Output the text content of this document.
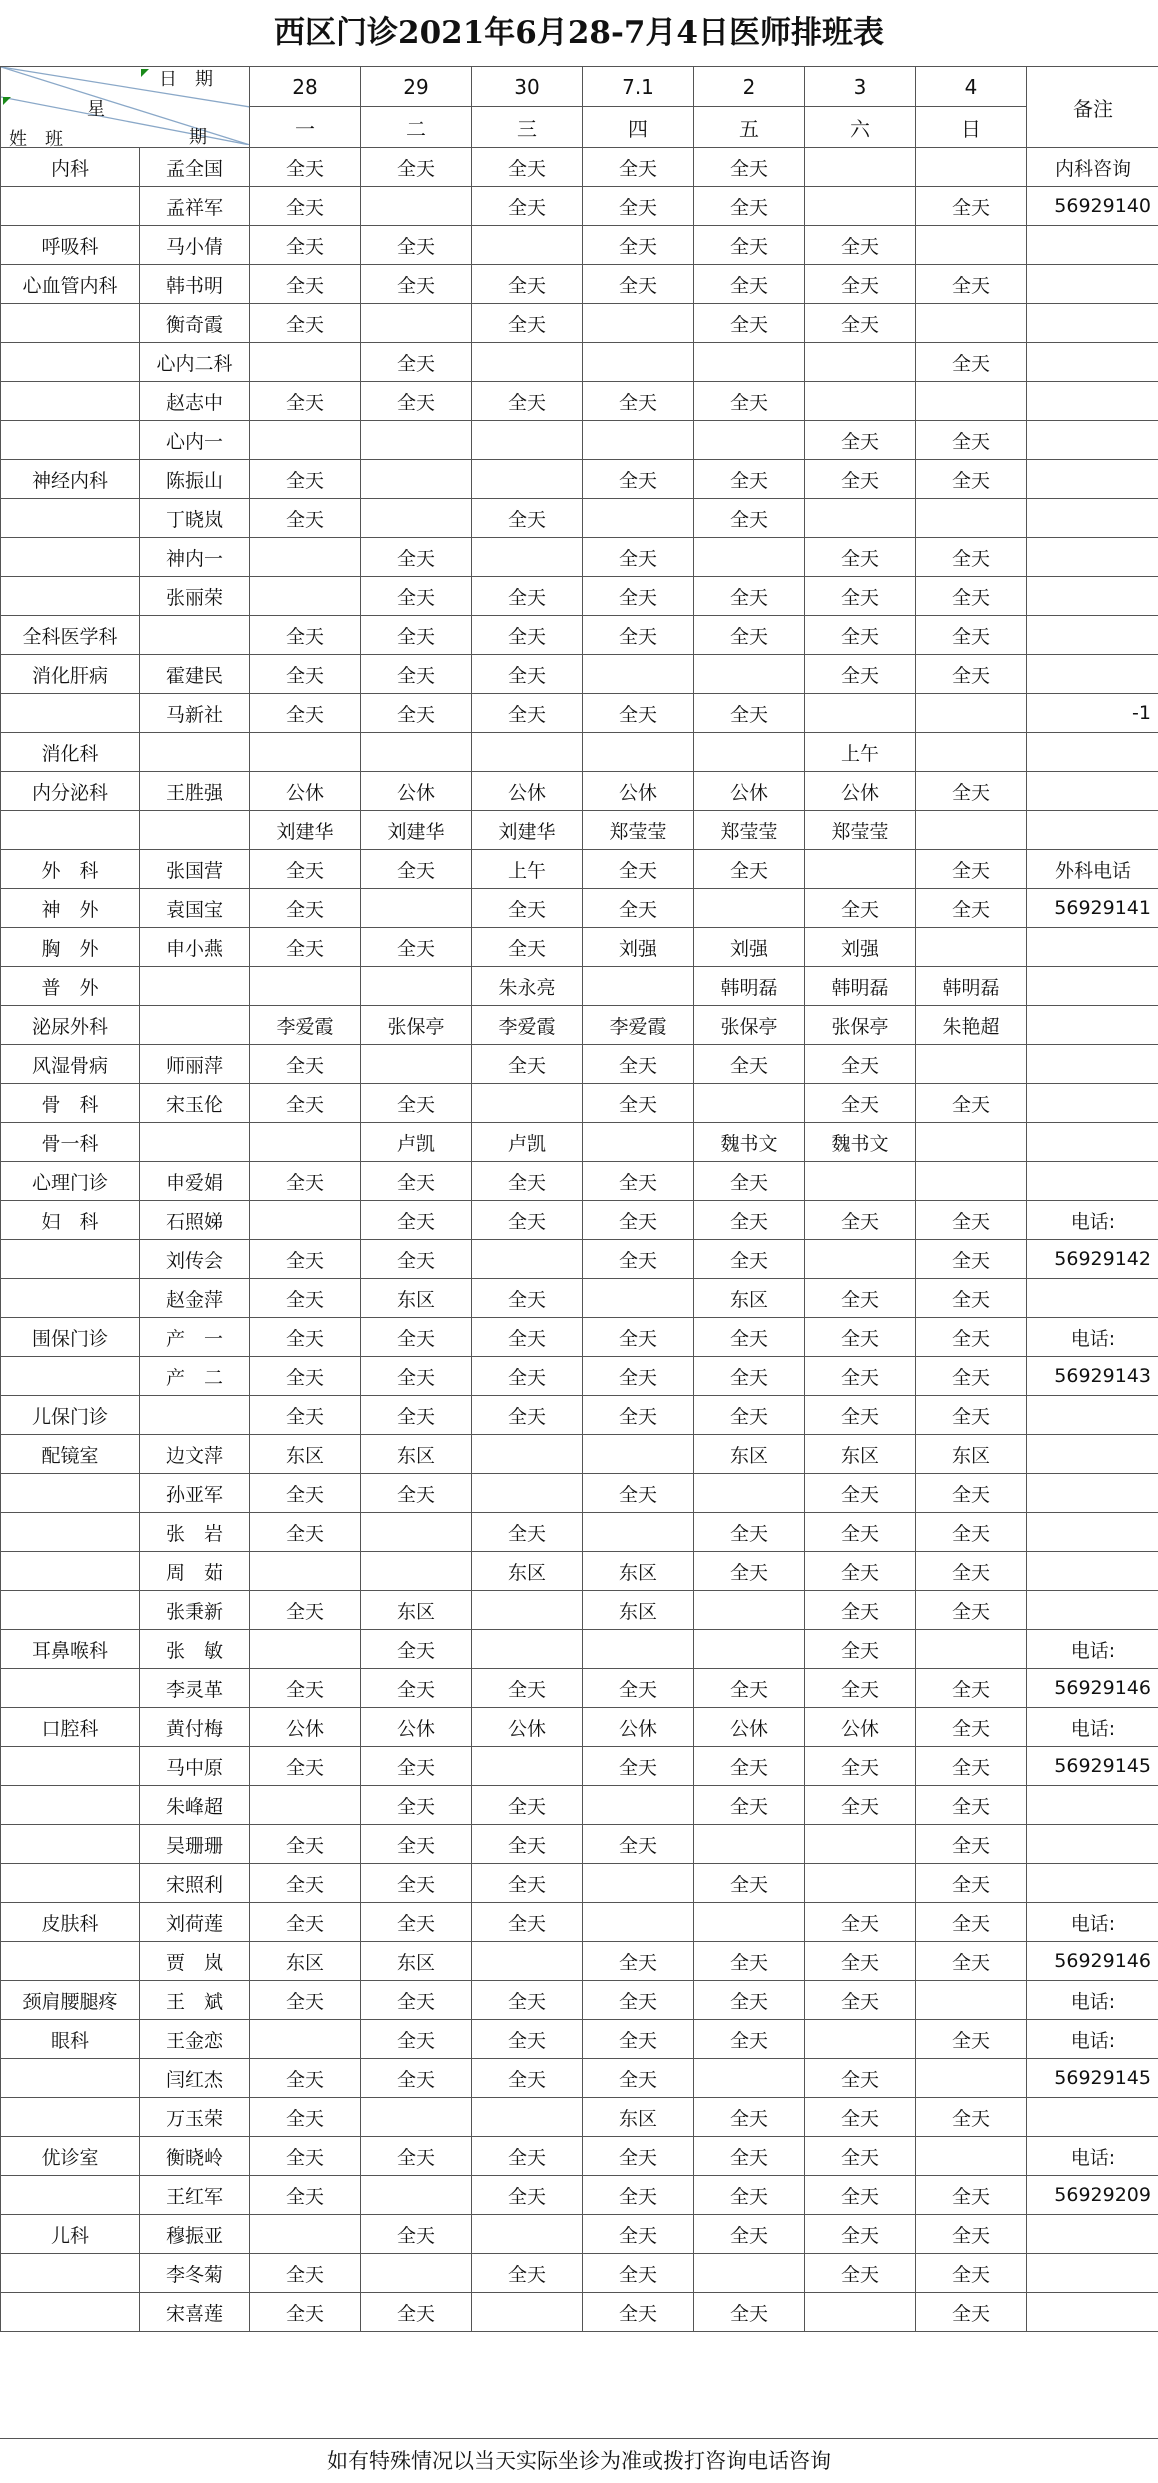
西区门诊2021年6月28-7月4日医师排班表
日　期
星
期
姓　班		28	29	30	7.1	2	3	4	备注
		一	二	三	四	五	六	日	
内科	孟全国	全天	全天	全天	全天	全天			内科咨询
	孟祥军	全天		全天	全天	全天		全天	56929140
呼吸科	马小倩	全天	全天		全天	全天	全天		
心血管内科	韩书明	全天	全天	全天	全天	全天	全天	全天	
	衡奇霞	全天		全天		全天	全天		
	心内二科		全天					全天	
	赵志中	全天	全天	全天	全天	全天			
	心内一						全天	全天	
神经内科	陈振山	全天			全天	全天	全天	全天	
	丁晓岚	全天		全天		全天			
	神内一		全天		全天		全天	全天	
	张丽荣		全天	全天	全天	全天	全天	全天	
全科医学科		全天	全天	全天	全天	全天	全天	全天	
消化肝病	霍建民	全天	全天	全天			全天	全天	
	马新社	全天	全天	全天	全天	全天			-1
消化科							上午		
内分泌科	王胜强	公休	公休	公休	公休	公休	公休	全天	
		刘建华	刘建华	刘建华	郑莹莹	郑莹莹	郑莹莹		
外　科	张国营	全天	全天	上午	全天	全天		全天	外科电话
神　外	袁国宝	全天		全天	全天		全天	全天	56929141
胸　外	申小燕	全天	全天	全天	刘强	刘强	刘强		
普　外				朱永亮		韩明磊	韩明磊	韩明磊	
泌尿外科		李爱霞	张保亭	李爱霞	李爱霞	张保亭	张保亭	朱艳超	
风湿骨病	师丽萍	全天		全天	全天	全天	全天		
骨　科	宋玉伦	全天	全天		全天		全天	全天	
骨一科			卢凯	卢凯		魏书文	魏书文		
心理门诊	申爱娟	全天	全天	全天	全天	全天			
妇　科	石照娣		全天	全天	全天	全天	全天	全天	电话:
	刘传会	全天	全天		全天	全天		全天	56929142
	赵金萍	全天	东区	全天		东区	全天	全天	
围保门诊	产　一	全天	全天	全天	全天	全天	全天	全天	电话:
	产　二	全天	全天	全天	全天	全天	全天	全天	56929143
儿保门诊		全天	全天	全天	全天	全天	全天	全天	
配镜室	边文萍	东区	东区			东区	东区	东区	
	孙亚军	全天	全天		全天		全天	全天	
	张　岩	全天		全天		全天	全天	全天	
	周　茹			东区	东区	全天	全天	全天	
	张秉新	全天	东区		东区		全天	全天	
耳鼻喉科	张　敏		全天				全天		电话:
	李灵革	全天	全天	全天	全天	全天	全天	全天	56929146
口腔科	黄付梅	公休	公休	公休	公休	公休	公休	全天	电话:
	马中原	全天	全天		全天	全天	全天	全天	56929145
	朱峰超		全天	全天		全天	全天	全天	
	吴珊珊	全天	全天	全天	全天			全天	
	宋照利	全天	全天	全天		全天		全天	
皮肤科	刘荷莲	全天	全天	全天			全天	全天	电话:
	贾　岚	东区	东区		全天	全天	全天	全天	56929146
颈肩腰腿疼	王　斌	全天	全天	全天	全天	全天	全天		电话:
眼科	王金恋		全天	全天	全天	全天		全天	电话:
	闫红杰	全天	全天	全天	全天		全天		56929145
	万玉荣	全天			东区	全天	全天	全天	
优诊室	衡晓岭	全天	全天	全天	全天	全天	全天		电话:
	王红军	全天		全天	全天	全天	全天	全天	56929209
儿科	穆振亚		全天		全天	全天	全天	全天	
	李冬菊	全天		全天	全天		全天	全天	
	宋喜莲	全天	全天		全天	全天		全天	
如有特殊情况以当天实际坐诊为准或拨打咨询电话咨询
